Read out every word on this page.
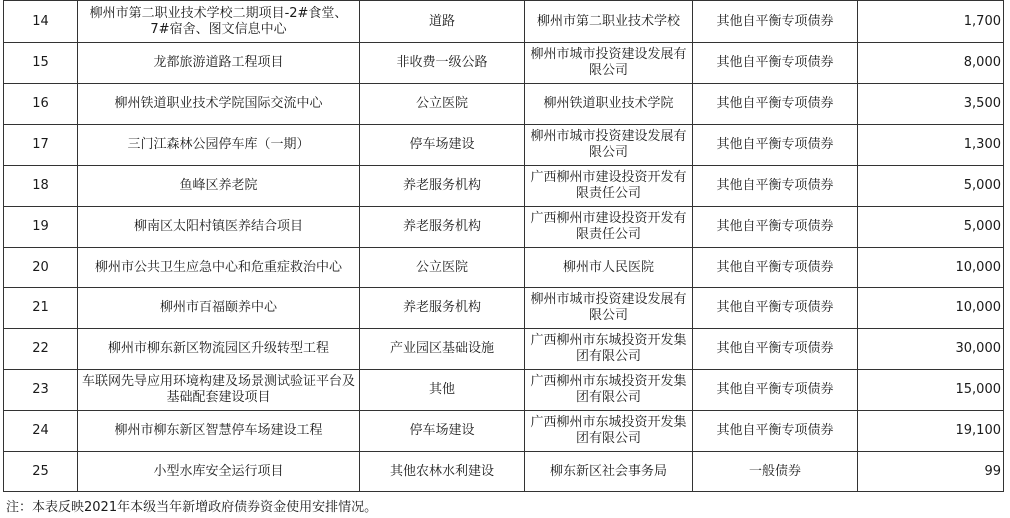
14	柳州市第二职业技术学校二期项目-2#食堂、7#宿舍、图文信息中心	道路	柳州市第二职业技术学校	其他自平衡专项债券	1,700
15	龙都旅游道路工程项目	非收费一级公路	柳州市城市投资建设发展有限公司	其他自平衡专项债券	8,000
16	柳州铁道职业技术学院国际交流中心	公立医院	柳州铁道职业技术学院	其他自平衡专项债券	3,500
17	三门江森林公园停车库（一期）	停车场建设	柳州市城市投资建设发展有限公司	其他自平衡专项债券	1,300
18	鱼峰区养老院	养老服务机构	广西柳州市建设投资开发有限责任公司	其他自平衡专项债券	5,000
19	柳南区太阳村镇医养结合项目	养老服务机构	广西柳州市建设投资开发有限责任公司	其他自平衡专项债券	5,000
20	柳州市公共卫生应急中心和危重症救治中心	公立医院	柳州市人民医院	其他自平衡专项债券	10,000
21	柳州市百福颐养中心	养老服务机构	柳州市城市投资建设发展有限公司	其他自平衡专项债券	10,000
22	柳州市柳东新区物流园区升级转型工程	产业园区基础设施	广西柳州市东城投资开发集团有限公司	其他自平衡专项债券	30,000
23	车联网先导应用环境构建及场景测试验证平台及基础配套建设项目	其他	广西柳州市东城投资开发集团有限公司	其他自平衡专项债券	15,000
24	柳州市柳东新区智慧停车场建设工程	停车场建设	广西柳州市东城投资开发集团有限公司	其他自平衡专项债券	19,100
25	小型水库安全运行项目	其他农林水利建设	柳东新区社会事务局	一般债券	99
注：本表反映2021年本级当年新增政府债券资金使用安排情况。
